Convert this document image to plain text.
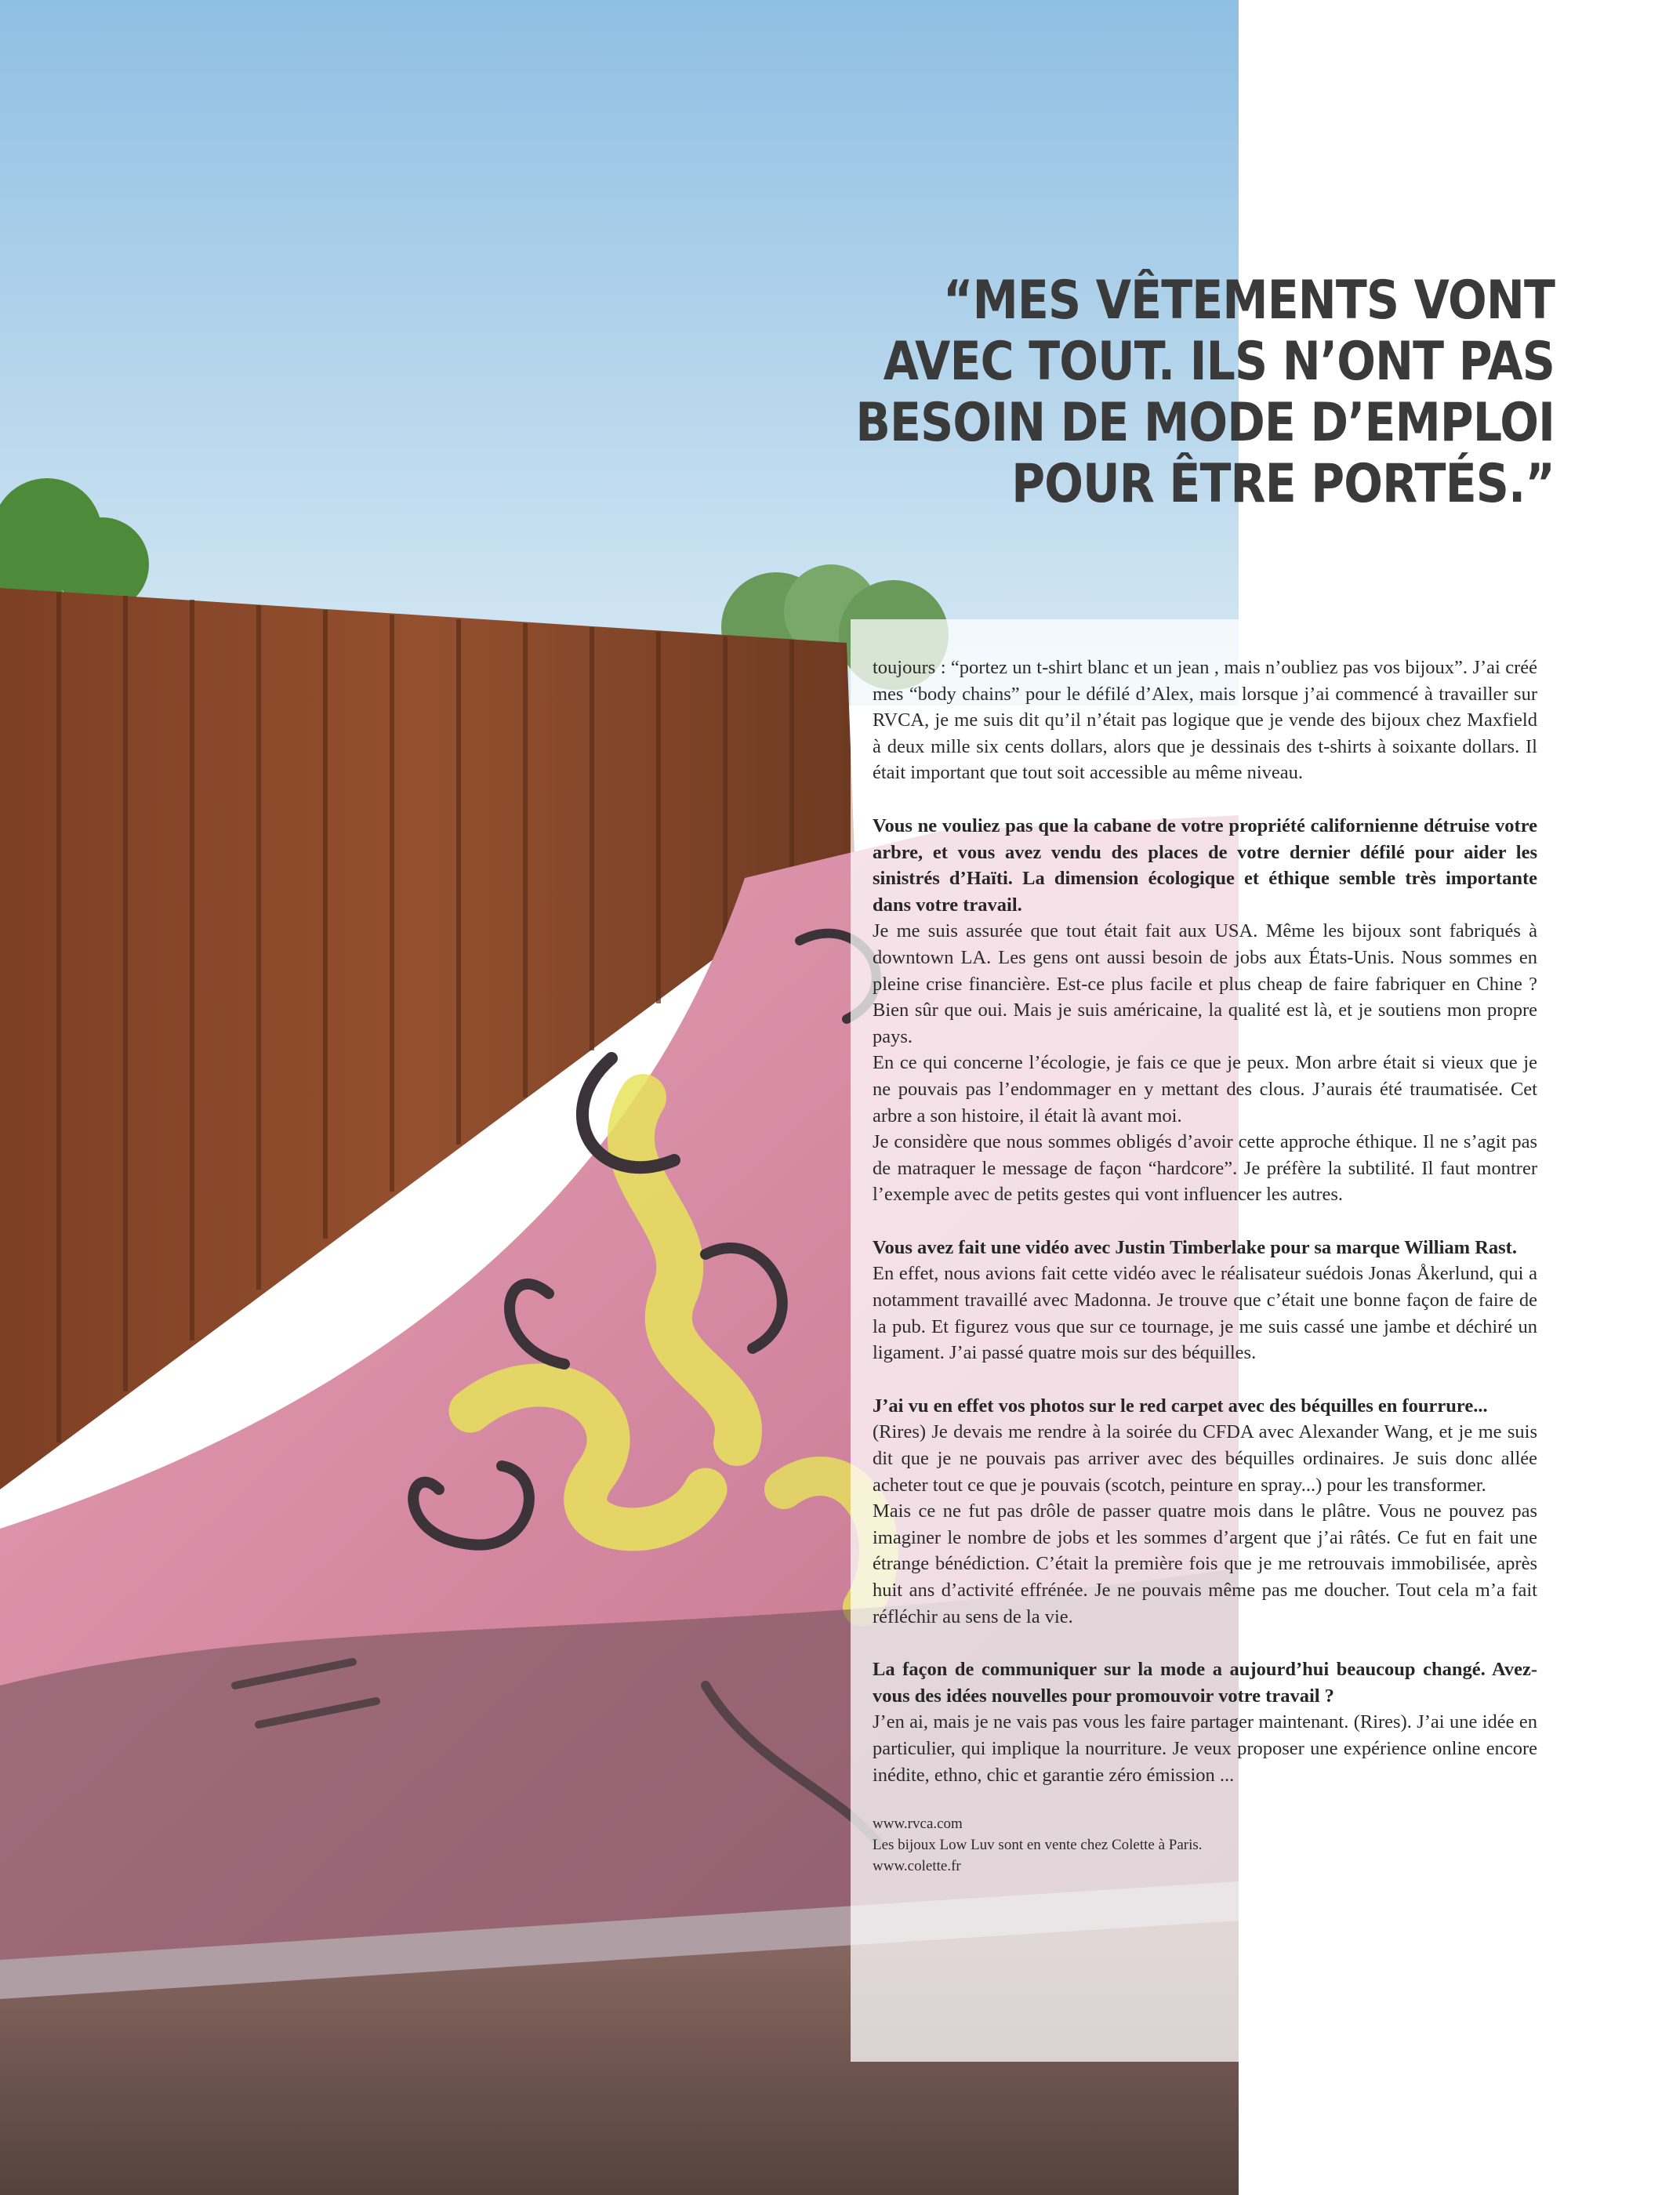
“MES VÊTEMENTS VONT
AVEC TOUT. ILS N’ONT PAS
BESOIN DE MODE D’EMPLOI
POUR ÊTRE PORTÉS.”

toujours : “portez un t-shirt blanc et un jean , mais n’oubliez pas vos bijoux”. J’ai créé mes “body chains” pour le défilé d’Alex, mais lorsque j’ai commencé à travailler sur RVCA, je me suis dit qu’il n’était pas logique que je vende des bijoux chez Maxfield à deux mille six cents dollars, alors que je dessinais des t-shirts à soixante dollars. Il était important que tout soit accessible au même niveau.

Vous ne vouliez pas que la cabane de votre propriété californienne détruise votre arbre, et vous avez vendu des places de votre dernier défilé pour aider les sinistrés d’Haïti. La dimension écologique et éthique semble très importante dans votre travail.

Je me suis assurée que tout était fait aux USA. Même les bijoux sont fabriqués à downtown LA. Les gens ont aussi besoin de jobs aux États-Unis. Nous sommes en pleine crise financière. Est-ce plus facile et plus cheap de faire fabriquer en Chine ? Bien sûr que oui. Mais je suis américaine, la qualité est là, et je soutiens mon propre pays.

En ce qui concerne l’écologie, je fais ce que je peux. Mon arbre était si vieux que je ne pouvais pas l’endommager en y mettant des clous. J’aurais été traumatisée. Cet arbre a son histoire, il était là avant moi.

Je considère que nous sommes obligés d’avoir cette approche éthique. Il ne s’agit pas de matraquer le message de façon “hardcore”. Je préfère la subtilité. Il faut montrer l’exemple avec de petits gestes qui vont influencer les autres.

Vous avez fait une vidéo avec Justin Timberlake pour sa marque William Rast.

En effet, nous avions fait cette vidéo avec le réalisateur suédois Jonas Åkerlund, qui a notamment travaillé avec Madonna. Je trouve que c’était une bonne façon de faire de la pub. Et figurez vous que sur ce tournage, je me suis cassé une jambe et déchiré un ligament. J’ai passé quatre mois sur des béquilles.

J’ai vu en effet vos photos sur le red carpet avec des béquilles en fourrure...

(Rires) Je devais me rendre à la soirée du CFDA avec Alexander Wang, et je me suis dit que je ne pouvais pas arriver avec des béquilles ordinaires. Je suis donc allée acheter tout ce que je pouvais (scotch, peinture en spray...) pour les transformer.

Mais ce ne fut pas drôle de passer quatre mois dans le plâtre. Vous ne pouvez pas imaginer le nombre de jobs et les sommes d’argent que j’ai râtés. Ce fut en fait une étrange bénédiction. C’était la première fois que je me retrouvais immobilisée, après huit ans d’activité effrénée. Je ne pouvais même pas me doucher. Tout cela m’a fait réfléchir au sens de la vie.

La façon de communiquer sur la mode a aujourd’hui beaucoup changé. Avez-vous des idées nouvelles pour promouvoir votre travail ?

J’en ai, mais je ne vais pas vous les faire partager maintenant. (Rires). J’ai une idée en particulier, qui implique la nourriture. Je veux proposer une expérience online encore inédite, ethno, chic et garantie zéro émission ...

www.rvca.com
Les bijoux Low Luv sont en vente chez Colette à Paris.
www.colette.fr
